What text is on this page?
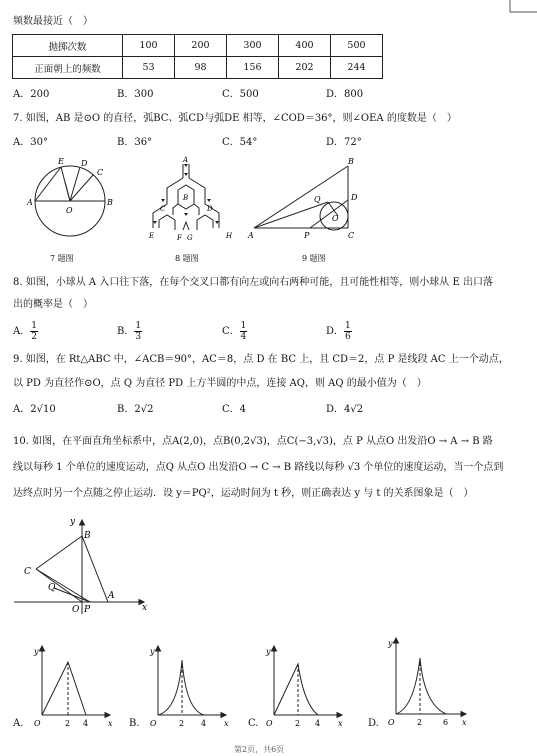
频数最接近（　）
抛掷次数	100	200	300	400	500
正面朝上的频数	53	98	156	202	244
A．200	B．300	C．500	D．800
7. 如图，AB 是⊙O 的直径，弧BC、弧CD与弧DE 相等，∠COD＝36°，则∠OEA 的度数是（　）
A．30°	B．36°	C．54°	D．72°
E D
C
A
O
B
7 题图
A
B
C	D
E	F G	H
8 题图
B
Q	D
O
A	P	C
9 题图
8. 如图，小球从 A 入口往下落，在每个交叉口都有向左或向右两种可能，且可能性相等，则小球从 E 出口落
出的概率是（　）
A． $\frac{1}{2}$	B． $\frac{1}{3}$	C． $\frac{1}{4}$	D． $\frac{1}{6}$
9. 如图，在 Rt△ABC 中，∠ACB＝90°，AC＝8，点 D 在 BC 上，且 CD＝2，点 P 是线段 AC 上一个动点，
以 PD 为直径作⊙O，点 Q 为直径 PD 上方半圆的中点，连接 AQ，则 AQ 的最小值为（　）
A．2√10	B．2√2	C．4	D．4√2
10. 如图，在平面直角坐标系中，点A(2,0)，点B(0,2√3)，点C(−3,√3)，点 P 从点O 出发沿O → A → B 路
线以每秒 1 个单位的速度运动，点Q 从点O 出发沿O → C → B 路线以每秒 √3 个单位的速度运动，当一个点到
达终点时另一个点随之停止运动．设 y＝PQ²，运动时间为 t 秒，则正确表达 y 与 t 的关系图象是（　）
y
B
C
Q
O P
A
x
A.
y
O	2 4 x B.
y
O	2 4 x C.
y
O	2 4 x	D.
y
O	2	6 x
第2页，共6页
